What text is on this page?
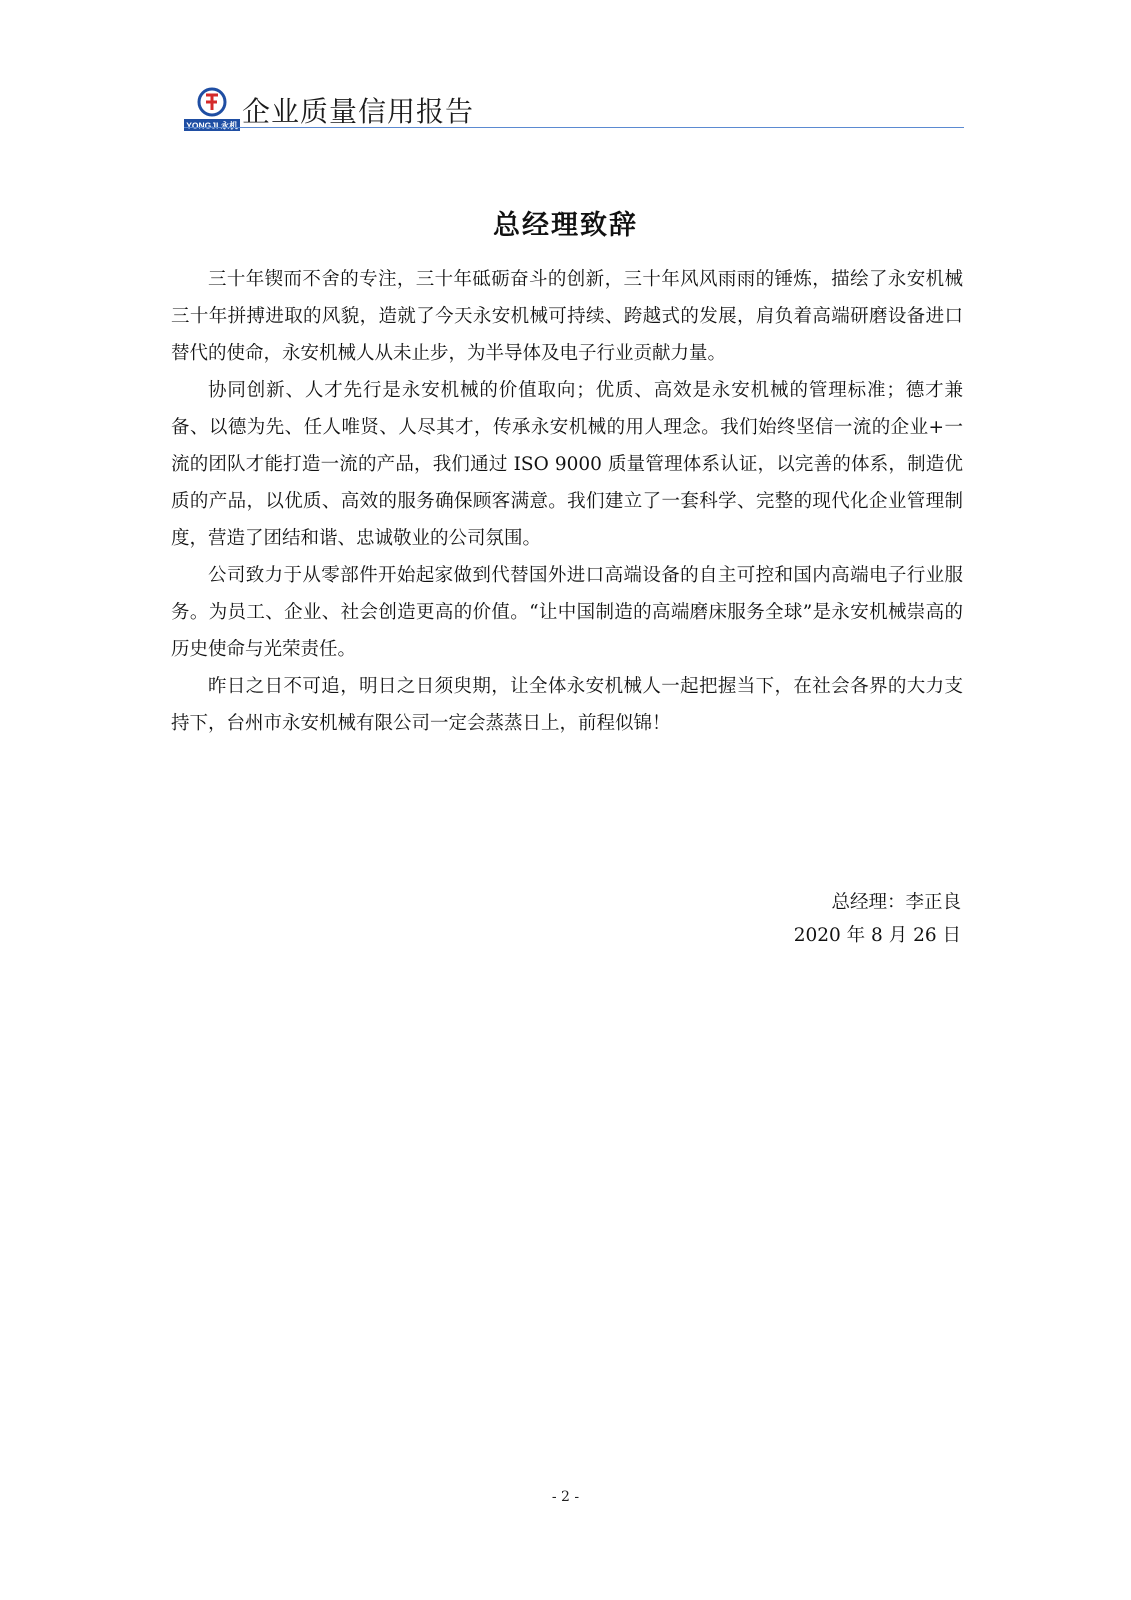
YONGJI 永机 企业质量信用报告
总经理致辞

三十年锲而不舍的专注，三十年砥砺奋斗的创新，三十年风风雨雨的锤炼，描绘了永安机械三十年拼搏进取的风貌，造就了今天永安机械可持续、跨越式的发展，肩负着高端研磨设备进口替代的使命，永安机械人从未止步，为半导体及电子行业贡献力量。

协同创新、人才先行是永安机械的价值取向；优质、高效是永安机械的管理标准；德才兼备、以德为先、任人唯贤、人尽其才，传承永安机械的用人理念。我们始终坚信一流的企业+一流的团队才能打造一流的产品，我们通过 ISO 9000 质量管理体系认证，以完善的体系，制造优质的产品，以优质、高效的服务确保顾客满意。我们建立了一套科学、完整的现代化企业管理制度，营造了团结和谐、忠诚敬业的公司氛围。

公司致力于从零部件开始起家做到代替国外进口高端设备的自主可控和国内高端电子行业服务。为员工、企业、社会创造更高的价值。“让中国制造的高端磨床服务全球”是永安机械崇高的历史使命与光荣责任。

昨日之日不可追，明日之日须臾期，让全体永安机械人一起把握当下，在社会各界的大力支持下，台州市永安机械有限公司一定会蒸蒸日上，前程似锦！

总经理：李正良
2020 年 8 月 26 日
- 2 -
